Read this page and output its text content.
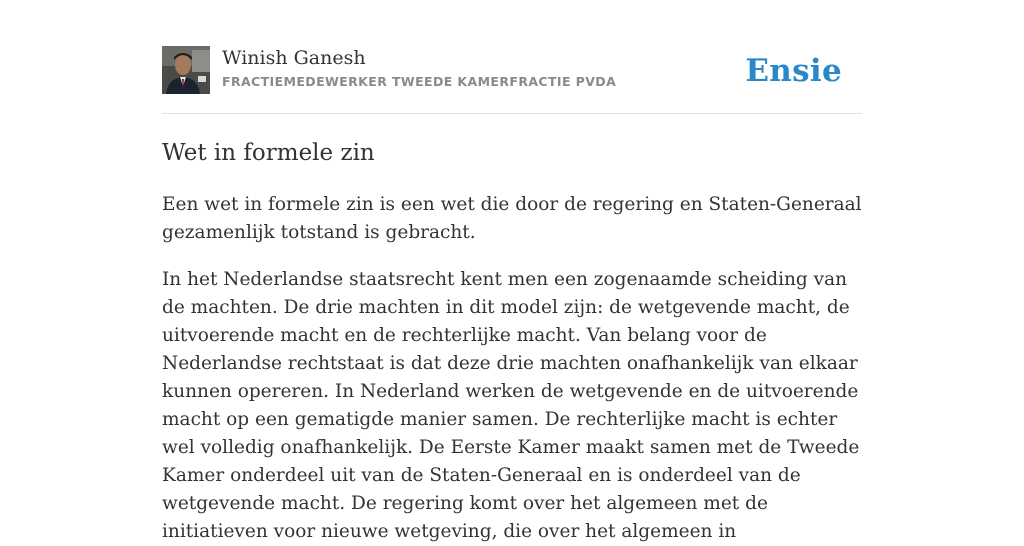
Winish Ganesh
FRACTIEMEDEWERKER TWEEDE KAMERFRACTIE PVDA	Ensie
Wet in formele zin

Een wet in formele zin is een wet die door de regering en Staten-Generaal gezamenlijk totstand is gebracht.

In het Nederlandse staatsrecht kent men een zogenaamde scheiding van de machten. De drie machten in dit model zijn: de wetgevende macht, de uitvoerende macht en de rechterlijke macht. Van belang voor de Nederlandse rechtstaat is dat deze drie machten onafhankelijk van elkaar kunnen opereren. In Nederland werken de wetgevende en de uitvoerende macht op een gematigde manier samen. De rechterlijke macht is echter wel volledig onafhankelijk. De Eerste Kamer maakt samen met de Tweede Kamer onderdeel uit van de Staten-Generaal en is onderdeel van de wetgevende macht. De regering komt over het algemeen met de initiatieven voor nieuwe wetgeving, die over het algemeen in
